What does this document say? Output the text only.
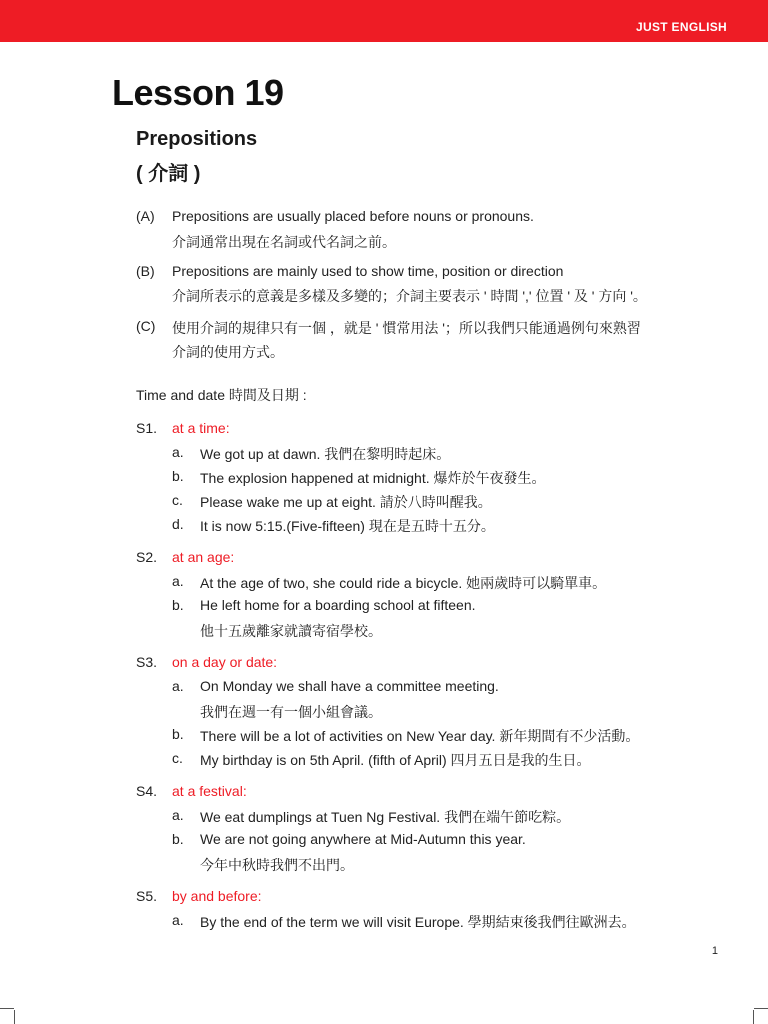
JUST ENGLISH
Lesson 19
Prepositions
( 介詞 )
(A) Prepositions are usually placed before nouns or pronouns.
介詞通常出現在名詞或代名詞之前。
(B) Prepositions are mainly used to show time, position or direction
介詞所表示的意義是多樣及多變的；介詞主要表示 ' 時間 ',' 位置 ' 及 ' 方向 '。
(C) 使用介詞的規律只有一個 ，就是 ' 慣常用法 '；所以我們只能通過例句來熟習
介詞的使用方式。
Time and date 時間及日期 :
S1. at a time:
a. We got up at dawn. 我們在黎明時起床。
b. The explosion happened at midnight. 爆炸於午夜發生。
c. Please wake me up at eight. 請於八時叫醒我。
d. It is now 5:15.(Five-fifteen) 現在是五時十五分。
S2. at an age:
a. At the age of two, she could ride a bicycle. 她兩歲時可以騎單車。
b. He left home for a boarding school at fifteen.
他十五歲離家就讀寄宿學校。
S3. on a day or date:
a. On Monday we shall have a committee meeting.
我們在週一有一個小組會議。
b. There will be a lot of activities on New Year day. 新年期間有不少活動。
c. My birthday is on 5th April. (fifth of April) 四月五日是我的生日。
S4. at a festival:
a. We eat dumplings at Tuen Ng Festival. 我們在端午節吃粽。
b. We are not going anywhere at Mid-Autumn this year.
今年中秋時我們不出門。
S5. by and before:
a. By the end of the term we will visit Europe. 學期結束後我們往歐洲去。
1
